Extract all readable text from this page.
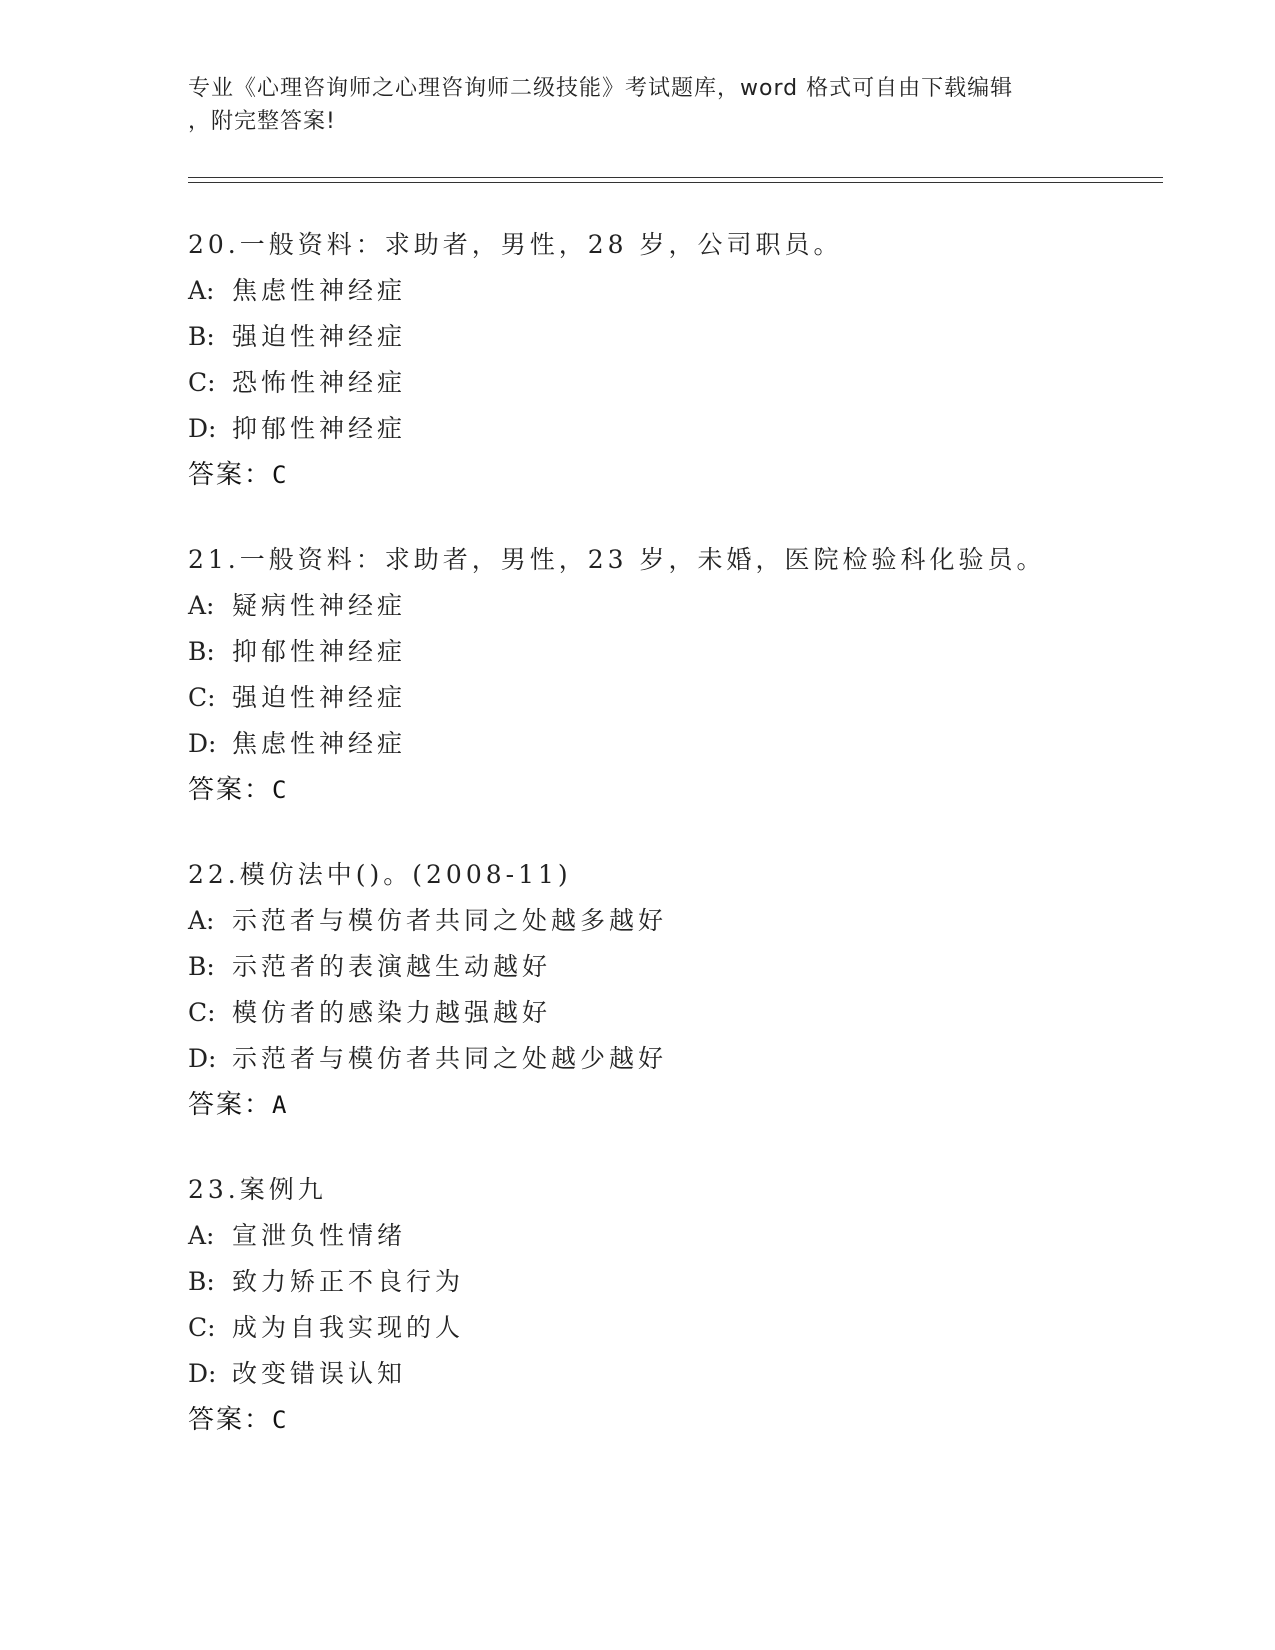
专业《心理咨询师之心理咨询师二级技能》考试题库，word 格式可自由下载编辑
，附完整答案!
20.一般资料：求助者，男性，28 岁，公司职员。
A: 焦虑性神经症
B: 强迫性神经症
C: 恐怖性神经症
D: 抑郁性神经症
答案：C
21.一般资料：求助者，男性，23 岁，未婚，医院检验科化验员。
A: 疑病性神经症
B: 抑郁性神经症
C: 强迫性神经症
D: 焦虑性神经症
答案：C
22.模仿法中()。(2008-11)
A: 示范者与模仿者共同之处越多越好
B: 示范者的表演越生动越好
C: 模仿者的感染力越强越好
D: 示范者与模仿者共同之处越少越好
答案：A
23.案例九
A: 宣泄负性情绪
B: 致力矫正不良行为
C: 成为自我实现的人
D: 改变错误认知
答案：C
